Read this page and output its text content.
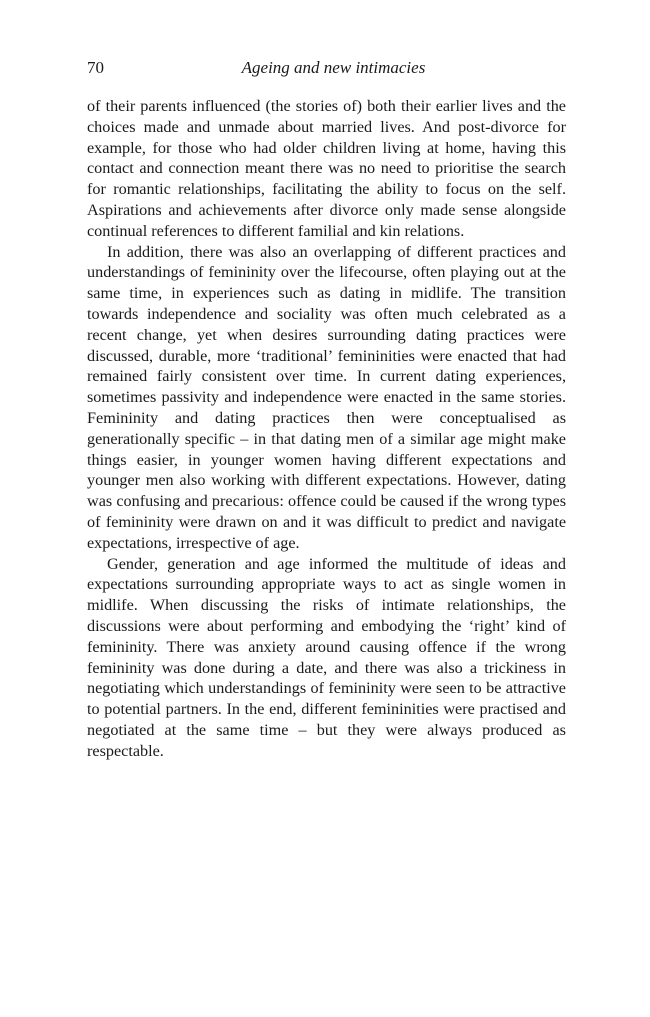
70	Ageing and new intimacies

of their parents influenced (the stories of) both their earlier lives and the choices made and unmade about married lives. And post-divorce for example, for those who had older children living at home, having this contact and connection meant there was no need to prioritise the search for romantic relationships, facilitating the ability to focus on the self. Aspirations and achievements after divorce only made sense alongside continual references to different familial and kin relations.

In addition, there was also an overlapping of different practices and understandings of femininity over the lifecourse, often playing out at the same time, in experiences such as dating in midlife. The transition towards independence and sociality was often much celebrated as a recent change, yet when desires surrounding dating practices were discussed, durable, more ‘traditional’ femininities were enacted that had remained fairly consistent over time. In current dating experiences, sometimes passivity and independence were enacted in the same stories. Femininity and dating practices then were conceptualised as generationally specific – in that dating men of a similar age might make things easier, in younger women having different expectations and younger men also working with different expectations. However, dating was confusing and precarious: offence could be caused if the wrong types of femininity were drawn on and it was difficult to predict and navigate expectations, irrespective of age.

Gender, generation and age informed the multitude of ideas and expectations surrounding appropriate ways to act as single women in midlife. When discussing the risks of intimate relationships, the discussions were about performing and embodying the ‘right’ kind of femininity. There was anxiety around causing offence if the wrong femininity was done during a date, and there was also a trickiness in negotiating which understandings of femininity were seen to be attractive to potential partners. In the end, different femininities were practised and negotiated at the same time – but they were always produced as respectable.
